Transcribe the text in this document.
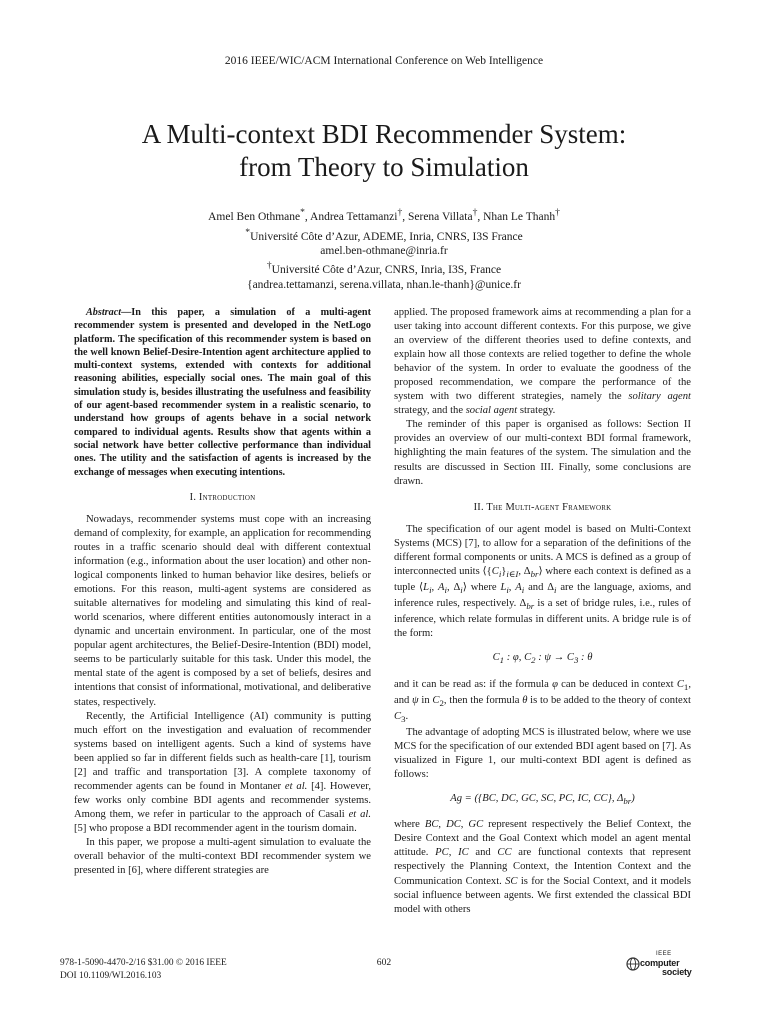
2016 IEEE/WIC/ACM International Conference on Web Intelligence
A Multi-context BDI Recommender System:
from Theory to Simulation
Amel Ben Othmane*, Andrea Tettamanzi†, Serena Villata†, Nhan Le Thanh†
*Université Côte d’Azur, ADEME, Inria, CNRS, I3S France
amel.ben-othmane@inria.fr
†Université Côte d’Azur, CNRS, Inria, I3S, France
{andrea.tettamanzi, serena.villata, nhan.le-thanh}@unice.fr

Abstract—In this paper, a simulation of a multi-agent recommender system is presented and developed in the NetLogo platform. The specification of this recommender system is based on the well known Belief-Desire-Intention agent architecture applied to multi-context systems, extended with contexts for additional reasoning abilities, especially social ones. The main goal of this simulation study is, besides illustrating the usefulness and feasibility of our agent-based recommender system in a realistic scenario, to understand how groups of agents behave in a social network compared to individual agents. Results show that agents within a social network have better collective performance than individual ones. The utility and the satisfaction of agents is increased by the exchange of messages when executing intentions.

I. Introduction

Nowadays, recommender systems must cope with an increasing demand of complexity, for example, an application for recommending routes in a traffic scenario should deal with different contextual information (e.g., information about the user location) and other non-logical components linked to human behavior like desires, beliefs or emotions. For this reason, multi-agent systems are considered as suitable alternatives for modeling and simulating this kind of real-world scenarios, where different entities autonomously interact in a dynamic and uncertain environment. In particular, one of the most popular agent architectures, the Belief-Desire-Intention (BDI) model, seems to be particularly suitable for this task. Under this model, the mental state of the agent is composed by a set of beliefs, desires and intentions that consist of informational, motivational, and deliberative states, respectively.

Recently, the Artificial Intelligence (AI) community is putting much effort on the investigation and evaluation of recommender systems based on intelligent agents. Such a kind of systems have been applied so far in different fields such as health-care [1], tourism [2] and traffic and transportation [3]. A complete taxonomy of recommender agents can be found in Montaner et al. [4]. However, few works only combine BDI agents and recommender systems. Among them, we refer in particular to the approach of Casali et al. [5] who propose a BDI recommender agent in the tourism domain.

In this paper, we propose a multi-agent simulation to evaluate the overall behavior of the multi-context BDI recommender system we presented in [6], where different strategies are

applied. The proposed framework aims at recommending a plan for a user taking into account different contexts. For this purpose, we give an overview of the different theories used to define contexts, and explain how all those contexts are relied together to define the whole behavior of the system. In order to evaluate the goodness of the proposed recommendation, we compare the performance of the system with two different strategies, namely the solitary agent strategy, and the social agent strategy.

The reminder of this paper is organised as follows: Section II provides an overview of our multi-context BDI formal framework, highlighting the main features of the system. The simulation and the results are discussed in Section III. Finally, some conclusions are drawn.

II. The Multi-agent Framework

The specification of our agent model is based on Multi-Context Systems (MCS) [7], to allow for a separation of the definitions of the different formal components or units. A MCS is defined as a group of interconnected units $⟨\{C_i\}_{i\in I}$, $\Delta_{br}⟩$ where each context is defined as a tuple $⟨L_i$, $A_i$, $\Delta_i⟩$ where $L_i$, $A_i$ and $\Delta_i$ are the language, axioms, and inference rules, respectively. $\Delta_{br}$ is a set of bridge rules, i.e., rules of inference, which relate formulas in different units. A bridge rule is of the form:

$C_1$ : φ, $C_2$ : $\psi \to C_3$ : θ

and it can be read as: if the formula φ can be deduced in context $C_1$, and ψ in $C_2$, then the formula θ is to be added to the theory of context $C_3$.

The advantage of adopting MCS is illustrated below, where we use MCS for the specification of our extended BDI agent based on [7]. As visualized in Figure 1, our multi-context BDI agent is defined as follows:

Ag = ({BC, DC, GC, SC, PC, IC, CC}, $\Delta_{br}$)

where BC, DC, GC represent respectively the Belief Context, the Desire Context and the Goal Context which model an agent mental attitude. PC, IC and CC are functional contexts that represent respectively the Planning Context, the Intention Context and the Communication Context. SC is for the Social Context, and it models social influence between agents. We first extended the classical BDI model with others

978-1-5090-4470-2/16 $31.00 © 2016 IEEE
DOI 10.1109/WI.2016.103
602
IEEE
computer
society
